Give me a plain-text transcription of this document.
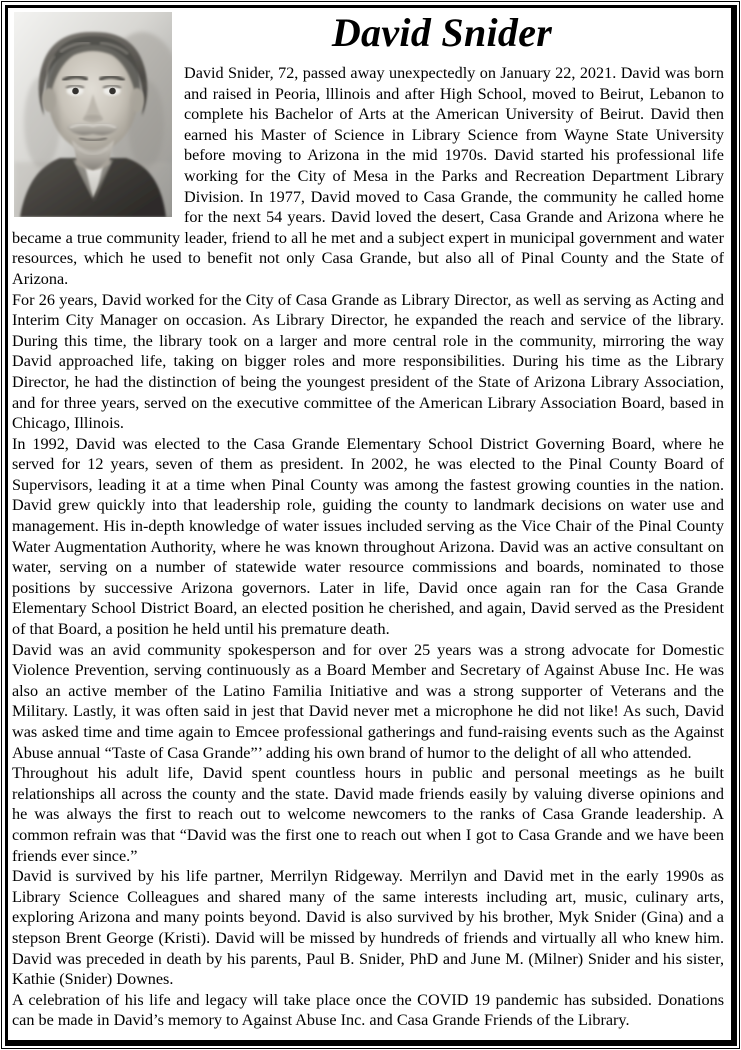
David Snider

David Snider, 72, passed away unexpectedly on January 22, 2021. David was born and raised in Peoria, lllinois and after High School, moved to Beirut, Lebanon to complete his Bachelor of Arts at the American University of Beirut. David then earned his Master of Science in Library Science from Wayne State University before moving to Arizona in the mid 1970s. David started his professional life working for the City of Mesa in the Parks and Recreation Department Library Division. In 1977, David moved to Casa Grande, the community he called home for the next 54 years. David loved the desert, Casa Grande and Arizona where he became a true community leader, friend to all he met and a subject expert in municipal government and water resources, which he used to benefit not only Casa Grande, but also all of Pinal County and the State of Arizona.

For 26 years, David worked for the City of Casa Grande as Library Director, as well as serving as Acting and Interim City Manager on occasion. As Library Director, he expanded the reach and service of the library. During this time, the library took on a larger and more central role in the community, mirroring the way David approached life, taking on bigger roles and more responsibilities. During his time as the Library Director, he had the distinction of being the youngest president of the State of Arizona Library Association, and for three years, served on the executive committee of the American Library Association Board, based in Chicago, Illinois.

In 1992, David was elected to the Casa Grande Elementary School District Governing Board, where he served for 12 years, seven of them as president. In 2002, he was elected to the Pinal County Board of Supervisors, leading it at a time when Pinal County was among the fastest growing counties in the nation. David grew quickly into that leadership role, guiding the county to landmark decisions on water use and management. His in-depth knowledge of water issues included serving as the Vice Chair of the Pinal County Water Augmentation Authority, where he was known throughout Arizona. David was an active consultant on water, serving on a number of statewide water resource commissions and boards, nominated to those positions by successive Arizona governors. Later in life, David once again ran for the Casa Grande Elementary School District Board, an elected position he cherished, and again, David served as the President of that Board, a position he held until his premature death.

David was an avid community spokesperson and for over 25 years was a strong advocate for Domestic Violence Prevention, serving continuously as a Board Member and Secretary of Against Abuse Inc. He was also an active member of the Latino Familia Initiative and was a strong supporter of Veterans and the Military. Lastly, it was often said in jest that David never met a microphone he did not like! As such, David was asked time and time again to Emcee professional gatherings and fund-raising events such as the Against Abuse annual “Taste of Casa Grande”’ adding his own brand of humor to the delight of all who attended.

Throughout his adult life, David spent countless hours in public and personal meetings as he built relationships all across the county and the state. David made friends easily by valuing diverse opinions and he was always the first to reach out to welcome newcomers to the ranks of Casa Grande leadership. A common refrain was that “David was the first one to reach out when I got to Casa Grande and we have been friends ever since.”

David is survived by his life partner, Merrilyn Ridgeway. Merrilyn and David met in the early 1990s as Library Science Colleagues and shared many of the same interests including art, music, culinary arts, exploring Arizona and many points beyond. David is also survived by his brother, Myk Snider (Gina) and a stepson Brent George (Kristi). David will be missed by hundreds of friends and virtually all who knew him. David was preceded in death by his parents, Paul B. Snider, PhD and June M. (Milner) Snider and his sister, Kathie (Snider) Downes.

A celebration of his life and legacy will take place once the COVID 19 pandemic has subsided. Donations can be made in David’s memory to Against Abuse Inc. and Casa Grande Friends of the Library.
